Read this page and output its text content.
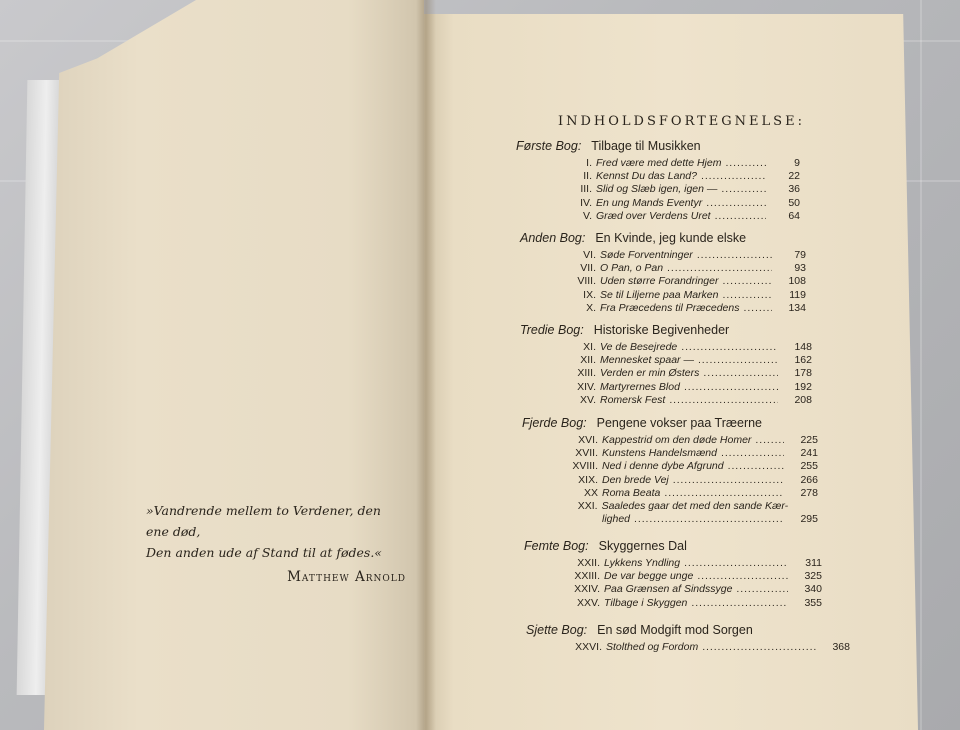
»Vandrende mellem to Verdener, den ene død,
Den anden ude af Stand til at fødes.«
Matthew Arnold
INDHOLDSFORTEGNELSE:
Første Bog: Tilbage til Musikken
I. Fred være med dette Hjem . . .	9
II. Kennst Du das Land? . . .	22
III. Slid og Slæb igen, igen — . . .	36
IV. En ung Mands Eventyr . . .	50
V. Græd over Verdens Uret . . .	64
Anden Bog: En Kvinde, jeg kunde elske
VI. Søde Forventninger . . .	79
VII. O Pan, o Pan . . .	93
VIII. Uden større Forandringer . . .	108
IX. Se til Liljerne paa Marken . . .	119
X. Fra Præcedens til Præcedens . . .	134
Tredie Bog: Historiske Begivenheder
XI. Ve de Besejrede . . .	148
XII. Mennesket spaar — . . .	162
XIII. Verden er min Østers . . .	178
XIV. Martyrernes Blod . . .	192
XV. Romersk Fest . . .	208
Fjerde Bog: Pengene vokser paa Træerne
XVI. Kappestrid om den døde Homer . . .	225
XVII. Kunstens Handelsmænd . . .	241
XVIII. Ned i denne dybe Afgrund . . .	255
XIX. Den brede Vej . . .	266
XX Roma Beata . . .	278
XXI. Saaledes gaar det med den sande Kær-
lighed . . .	295
Femte Bog: Skyggernes Dal
XXII. Lykkens Yndling . . .	311
XXIII. De var begge unge . . .	325
XXIV. Paa Grænsen af Sindssyge . . .	340
XXV. Tilbage i Skyggen . . .	355
Sjette Bog: En sød Modgift mod Sorgen
XXVI. Stolthed og Fordom . . .	368
